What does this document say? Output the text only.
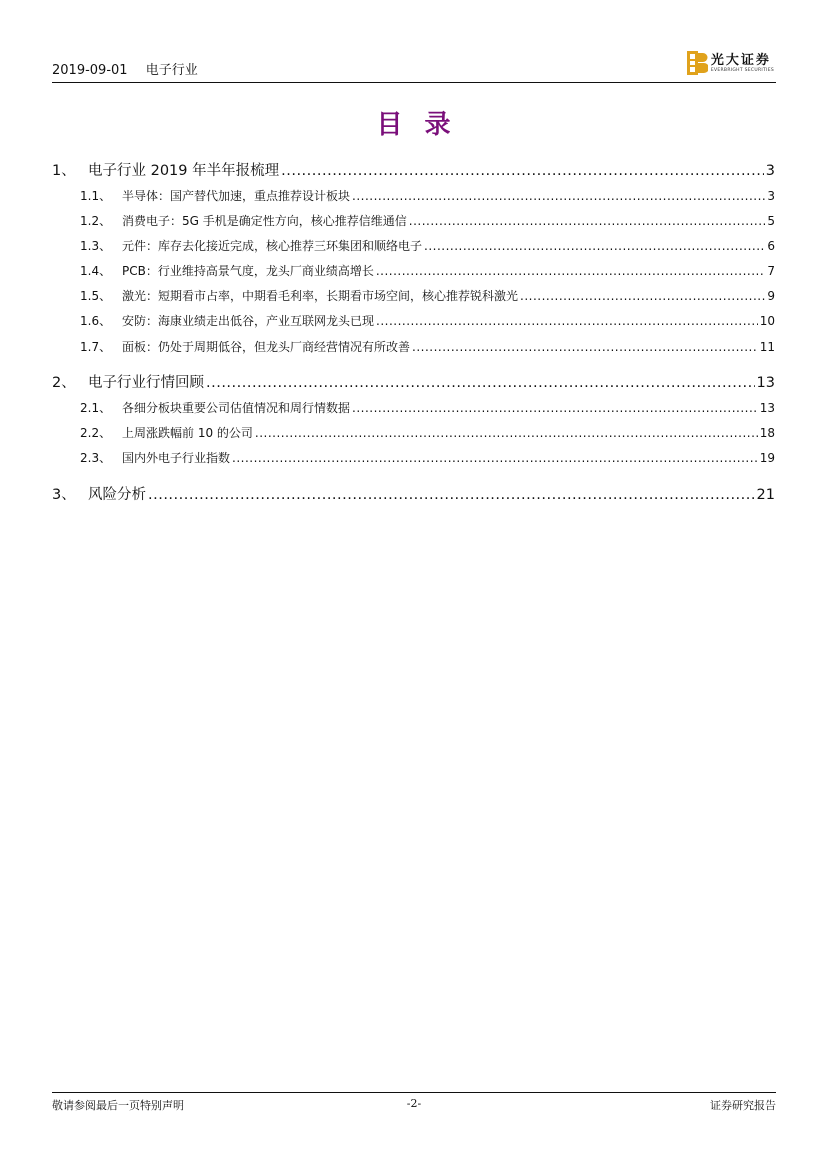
2019-09-01 电子行业
光大证券
EVERBRIGHT SECURITIES
目录
1、 电子行业 2019 年半年报梳理 .....	3
1.1、 半导体：国产替代加速，重点推荐设计板块 .....	3
1.2、 消费电子：5G 手机是确定性方向，核心推荐信维通信 .....	5
1.3、 元件：库存去化接近完成，核心推荐三环集团和顺络电子 .....	6
1.4、 PCB：行业维持高景气度，龙头厂商业绩高增长 .....	7
1.5、 激光：短期看市占率，中期看毛利率，长期看市场空间，核心推荐锐科激光 .....	9
1.6、 安防：海康业绩走出低谷，产业互联网龙头已现 .....	10
1.7、 面板：仍处于周期低谷，但龙头厂商经营情况有所改善 .....	11
2、 电子行业行情回顾 .....	13
2.1、 各细分板块重要公司估值情况和周行情数据 .....	13
2.2、 上周涨跌幅前 10 的公司 .....	18
2.3、 国内外电子行业指数 .....	19
3、 风险分析 .....	21
敬请参阅最后一页特别声明	-2-	证券研究报告
